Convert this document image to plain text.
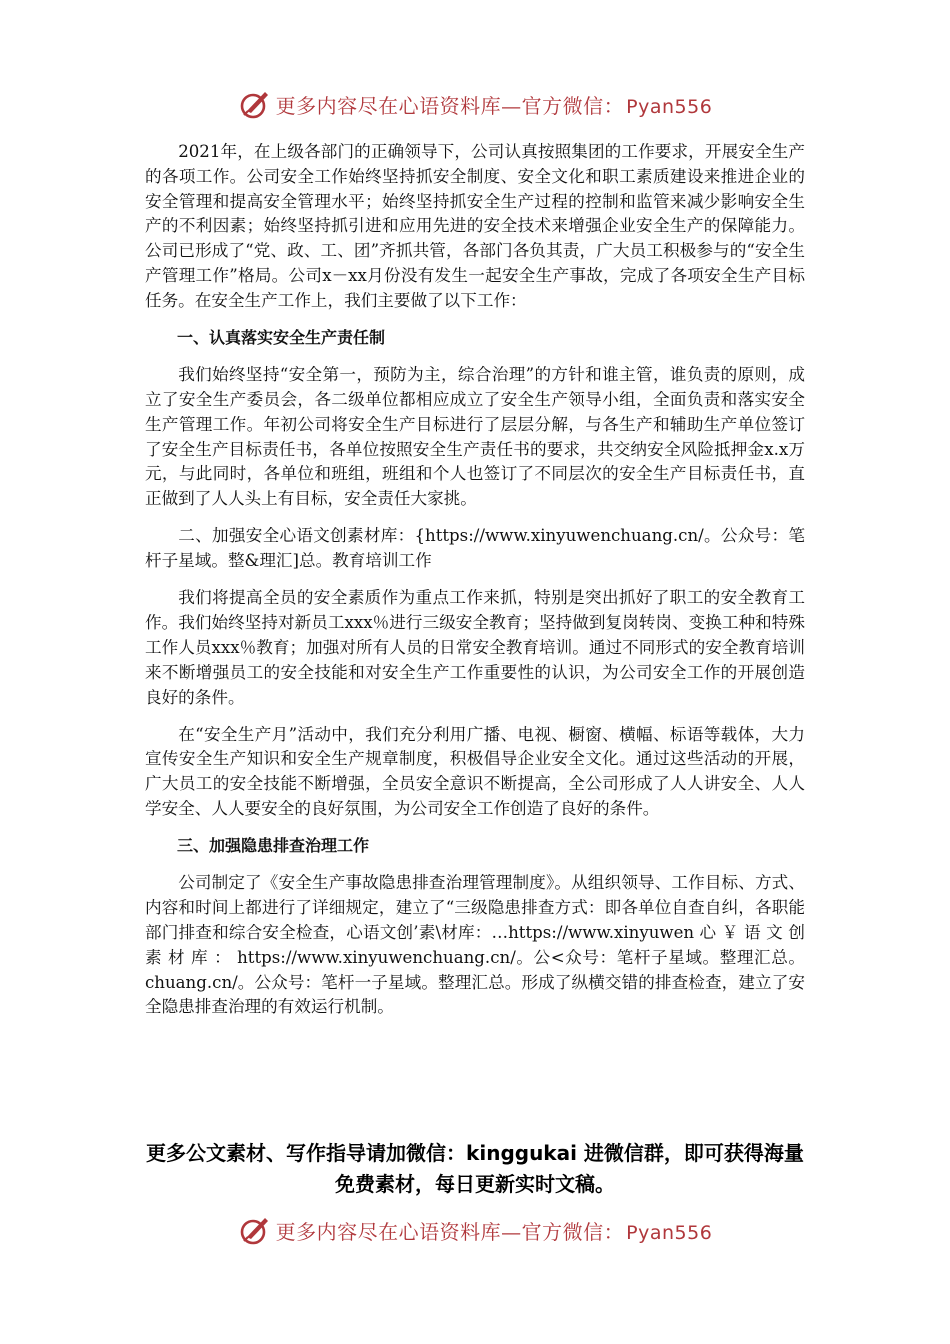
更多内容尽在心语资料库—官方微信： Pyan556

2021年，在上级各部门的正确领导下，公司认真按照集团的工作要求，开展安全生产的各项工作。公司安全工作始终坚持抓安全制度、安全文化和职工素质建设来推进企业的安全管理和提高安全管理水平；始终坚持抓安全生产过程的控制和监管来减少影响安全生产的不利因素；始终坚持抓引进和应用先进的安全技术来增强企业安全生产的保障能力。公司已形成了“党、政、工、团”齐抓共管，各部门各负其责，广大员工积极参与的“安全生产管理工作”格局。公司x－xx月份没有发生一起安全生产事故，完成了各项安全生产目标任务。在安全生产工作上，我们主要做了以下工作：

一、认真落实安全生产责任制

我们始终坚持“安全第一，预防为主，综合治理”的方针和谁主管，谁负责的原则，成立了安全生产委员会，各二级单位都相应成立了安全生产领导小组，全面负责和落实安全生产管理工作。年初公司将安全生产目标进行了层层分解，与各生产和辅助生产单位签订了安全生产目标责任书，各单位按照安全生产责任书的要求，共交纳安全风险抵押金x.x万元，与此同时，各单位和班组，班组和个人也签订了不同层次的安全生产目标责任书，直正做到了人人头上有目标，安全责任大家挑。

二、加强安全心语文创素材库：{https://www.xinyuwenchuang.cn/。公众号：笔杆子星域。整&理汇]总。教育培训工作

我们将提高全员的安全素质作为重点工作来抓，特别是突出抓好了职工的安全教育工作。我们始终坚持对新员工xxx％进行三级安全教育；坚持做到复岗转岗、变换工种和特殊工作人员xxx％教育；加强对所有人员的日常安全教育培训。通过不同形式的安全教育培训来不断增强员工的安全技能和对安全生产工作重要性的认识，为公司安全工作的开展创造良好的条件。

在“安全生产月”活动中，我们充分利用广播、电视、橱窗、横幅、标语等载体，大力宣传安全生产知识和安全生产规章制度，积极倡导企业安全文化。通过这些活动的开展，广大员工的安全技能不断增强，全员安全意识不断提高，全公司形成了人人讲安全、人人学安全、人人要安全的良好氛围，为公司安全工作创造了良好的条件。

三、加强隐患排查治理工作

公司制定了《安全生产事故隐患排查治理管理制度》。从组织领导、工作目标、方式、内容和时间上都进行了详细规定，建立了“三级隐患排查方式：即各单位自查自纠，各职能部门排查和综合安全检查，心语文创’素\材库：…https://www.xinyuwen 心 ￥ 语 文 创 素 材 库 ： https://www.xinyuwenchuang.cn/。公<众号：笔杆子星域。整理汇总。chuang.cn/。公众号：笔杆一子星域。整理汇总。形成了纵横交错的排查检查，建立了安全隐患排查治理的有效运行机制。

更多公文素材、写作指导请加微信：kinggukai 进微信群，即可获得海量免费素材，每日更新实时文稿。
更多内容尽在心语资料库—官方微信： Pyan556
